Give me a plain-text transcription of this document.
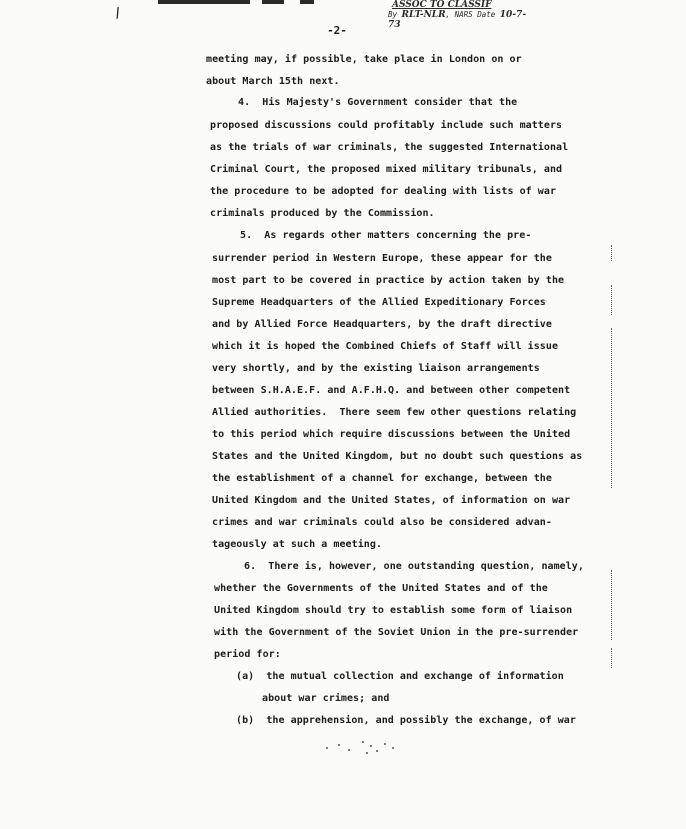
/
ASSOC TO CLASSIF
By RLT-NLR, NARS Date 10-7-73
-2-
meeting may, if possible, take place in London on or
about March 15th next.
4.  His Majesty's Government consider that the
proposed discussions could profitably include such matters
as the trials of war criminals, the suggested International
Criminal Court, the proposed mixed military tribunals, and
the procedure to be adopted for dealing with lists of war
criminals produced by the Commission.
5.  As regards other matters concerning the pre-
surrender period in Western Europe, these appear for the
most part to be covered in practice by action taken by the
Supreme Headquarters of the Allied Expeditionary Forces
and by Allied Force Headquarters, by the draft directive
which it is hoped the Combined Chiefs of Staff will issue
very shortly, and by the existing liaison arrangements
between S.H.A.E.F. and A.F.H.Q. and between other competent
Allied authorities.  There seem few other questions relating
to this period which require discussions between the United
States and the United Kingdom, but no doubt such questions as
the establishment of a channel for exchange, between the
United Kingdom and the United States, of information on war
crimes and war criminals could also be considered advan-
tageously at such a meeting.
6.  There is, however, one outstanding question, namely,
whether the Governments of the United States and of the
United Kingdom should try to establish some form of liaison
with the Government of the Soviet Union in the pre-surrender
period for:
(a)  the mutual collection and exchange of information
about war crimes; and
(b)  the apprehension, and possibly the exchange, of war
